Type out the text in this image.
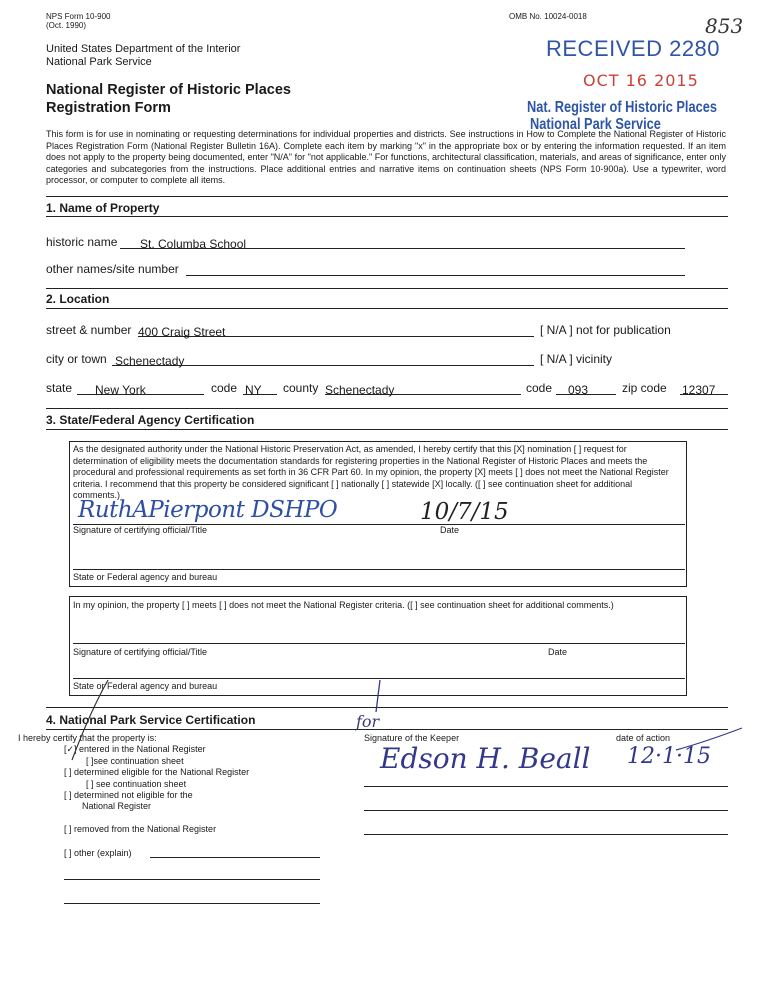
NPS Form 10-900
(Oct. 1990)
OMB No. 10024-0018	853
United States Department of the Interior
National Park Service
National Register of Historic Places
Registration Form
RECEIVED 2280
OCT 16 2015
Nat. Register of Historic Places
National Park Service
This form is for use in nominating or requesting determinations for individual properties and districts. See instructions in How to Complete the National Register of Historic Places Registration Form (National Register Bulletin 16A). Complete each item by marking "x" in the appropriate box or by entering the information requested. If an item does not apply to the property being documented, enter "N/A" for "not applicable." For functions, architectural classification, materials, and areas of significance, enter only categories and subcategories from the instructions. Place additional entries and narrative items on continuation sheets (NPS Form 10-900a). Use a typewriter, word processor, or computer to complete all items.
1. Name of Property
historic name	St. Columba School
other names/site number
2. Location
street & number 400 Craig Street	[ N/A ] not for publication
city or town Schenectady	[ N/A ] vicinity
state	New York	code NY	county Schenectady	code	093	zip code 12307
3. State/Federal Agency Certification
As the designated authority under the National Historic Preservation Act, as amended, I hereby certify that this [X] nomination [ ] request for determination of eligibility meets the documentation standards for registering properties in the National Register of Historic Places and meets the procedural and professional requirements as set forth in 36 CFR Part 60. In my opinion, the property [X] meets [ ] does not meet the National Register criteria. I recommend that this property be considered significant [ ] nationally [ ] statewide [X] locally. ([ ] see continuation sheet for additional comments.)
RuthAPierpont DSHPO	10/7/15
Signature of certifying official/Title	Date
State or Federal agency and bureau
In my opinion, the property [ ] meets [ ] does not meet the National Register criteria. ([ ] see continuation sheet for additional comments.)
Signature of certifying official/Title	Date
State or Federal agency and bureau
4. National Park Service Certification
I hereby certify that the property is:
[✓] entered in the National Register
[ ]see continuation sheet
[ ] determined eligible for the National Register
[ ] see continuation sheet
[ ] determined not eligible for the
National Register
[ ] removed from the National Register
[ ] other (explain)
Signature of the Keeper	date of action
for
Edson H. Beall 12·1·15
